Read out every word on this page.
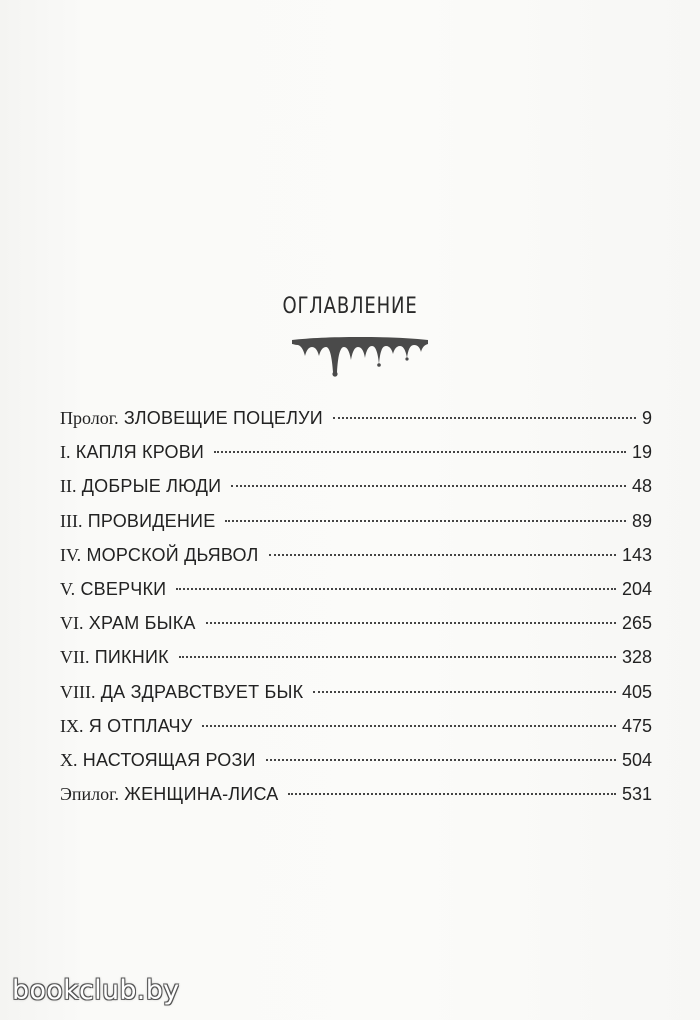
ОГЛАВЛЕНИЕ
Пролог. ЗЛОВЕЩИЕ ПОЦЕЛУИ	9
I. КАПЛЯ КРОВИ	19
II. ДОБРЫЕ ЛЮДИ	48
III. ПРОВИДЕНИЕ	89
IV. МОРСКОЙ ДЬЯВОЛ	143
V. СВЕРЧКИ	204
VI. ХРАМ БЫКА	265
VII. ПИКНИК	328
VIII. ДА ЗДРАВСТВУЕТ БЫК	405
IX. Я ОТПЛАЧУ	475
X. НАСТОЯЩАЯ РОЗИ	504
Эпилог. ЖЕНЩИНА-ЛИСА	531
bookclub.by
